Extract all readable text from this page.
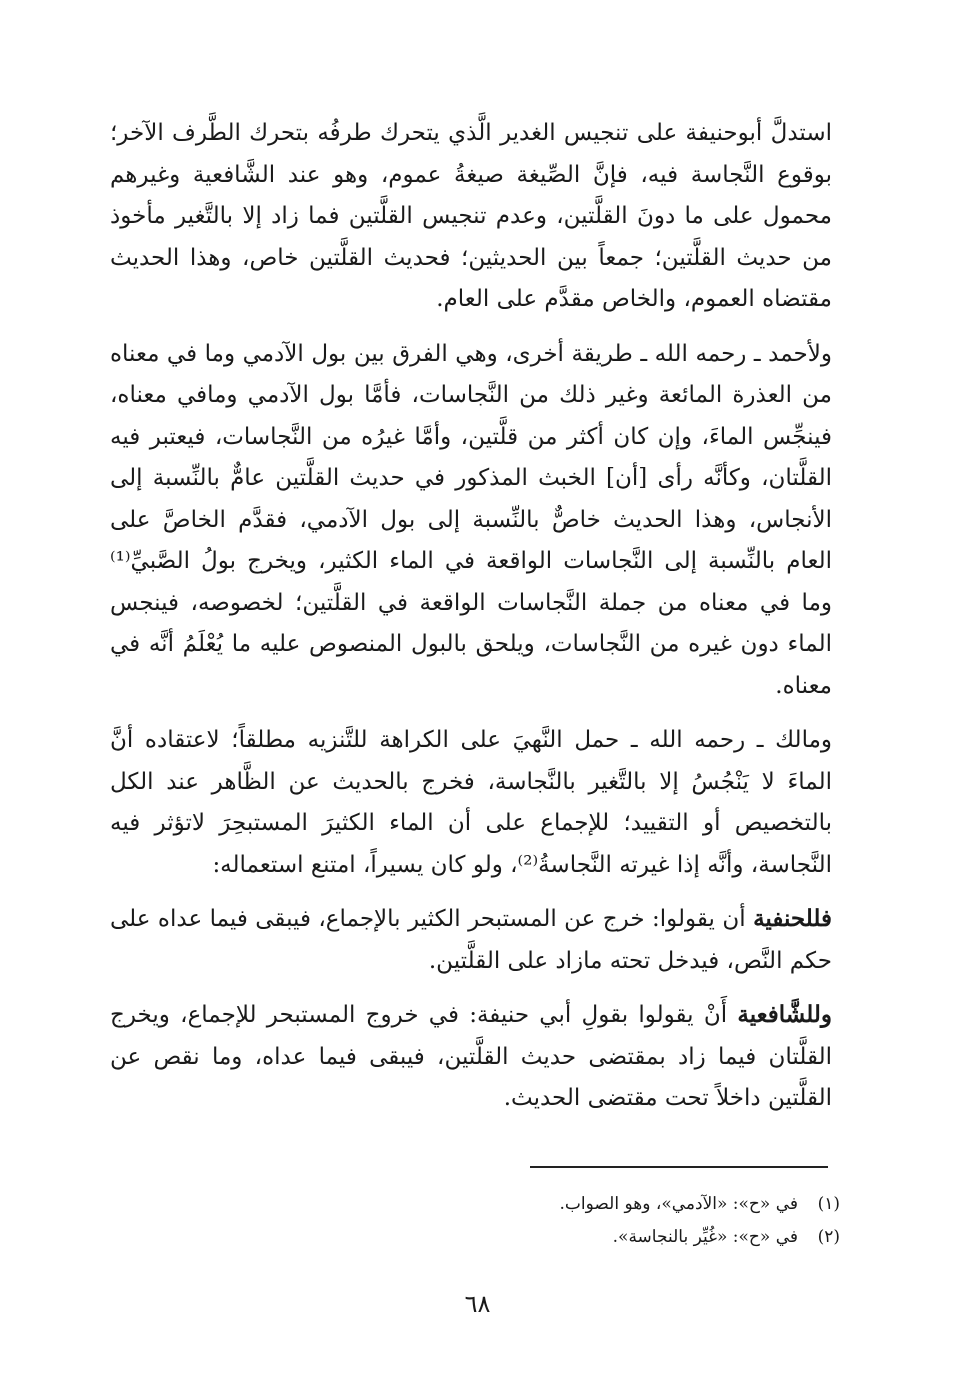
استدلَّ أبوحنيفة على تنجيس الغدير الَّذي يتحرك طرفُه بتحرك الطَّرف الآخر؛ بوقوع النَّجاسة فيه، فإنَّ الصِّيغة صيغةُ عموم، وهو عند الشَّافعية وغيرهم محمول على ما دونَ القلَّتين، وعدم تنجيس القلَّتين فما زاد إلا بالتَّغير مأخوذ من حديث القلَّتين؛ جمعاً بين الحديثين؛ فحديث القلَّتين خاص، وهذا الحديث مقتضاه العموم، والخاص مقدَّم على العام.

ولأحمد ـ رحمه الله ـ طريقة أخرى، وهي الفرق بين بول الآدمي وما في معناه من العذرة المائعة وغير ذلك من النَّجاسات، فأمَّا بول الآدمي ومافي معناه، فينجِّس الماءَ، وإن كان أكثر من قلَّتين، وأمَّا غيرُه من النَّجاسات، فيعتبر فيه القلَّتان، وكأنَّه رأى [أن] الخبث المذكور في حديث القلَّتين عامٌّ بالنِّسبة إلى الأنجاس، وهذا الحديث خاصٌّ بالنِّسبة إلى بول الآدمي، فقدَّم الخاصَّ على العام بالنِّسبة إلى النَّجاسات الواقعة في الماء الكثير، ويخرج بولُ الصَّبيِّ⁽¹⁾ وما في معناه من جملة النَّجاسات الواقعة في القلَّتين؛ لخصوصه، فينجس الماء دون غيره من النَّجاسات، ويلحق بالبول المنصوص عليه ما يُعْلَمُ أنَّه في معناه.

ومالك ـ رحمه الله ـ حمل النَّهيَ على الكراهة للتَّنزيه مطلقاً؛ لاعتقاده أنَّ الماءَ لا يَنْجُسُ إلا بالتَّغير بالنَّجاسة، فخرج بالحديث عن الظَّاهر عند الكل بالتخصيص أو التقييد؛ للإجماع على أن الماء الكثيرَ المستبحِرَ لاتؤثر فيه النَّجاسة، وأنَّه إذا غيرته النَّجاسةُ⁽²⁾، ولو كان يسيراً، امتنع استعماله:

فللحنفية أن يقولوا: خرج عن المستبحر الكثير بالإجماع، فيبقى فيما عداه على حكم النَّص، فيدخل تحته مازاد على القلَّتين.

وللشَّافعية أَنْ يقولوا بقولِ أبي حنيفة: في خروج المستبحر للإجماع، ويخرج القلَّتان فيما زاد بمقتضى حديث القلَّتين، فيبقى فيما عداه، وما نقص عن القلَّتين داخلاً تحت مقتضى الحديث.

(١)في «ح»: «الآدمي»، وهو الصواب.
(٢)في «ح»: «غُيِّر بالنجاسة».
٦٨
